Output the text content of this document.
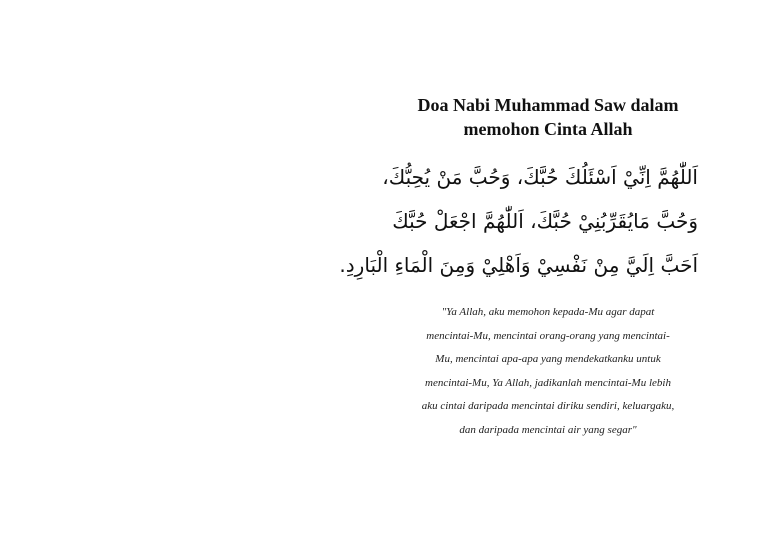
Doa Nabi Muhammad Saw dalam
memohon Cinta Allah
اَللّٰهُمَّ اِنِّيْ اَسْئَلُكَ حُبَّكَ، وَحُبَّ مَنْ يُحِبُّكَ،
وَحُبَّ مَايُقَرِّبُنِيْ حُبَّكَ، اَللّٰهُمَّ اجْعَلْ حُبَّكَ
اَحَبَّ اِلَيَّ مِنْ نَفْسِيْ وَاَهْلِيْ وَمِنَ الْمَاءِ الْبَارِدِ.
"Ya Allah, aku memohon kepada-Mu agar dapat
mencintai-Mu, mencintai orang-orang yang mencintai-
Mu, mencintai apa-apa yang mendekatkanku untuk
mencintai-Mu, Ya Allah, jadikanlah mencintai-Mu lebih
aku cintai daripada mencintai diriku sendiri, keluargaku,
dan daripada mencintai air yang segar"
